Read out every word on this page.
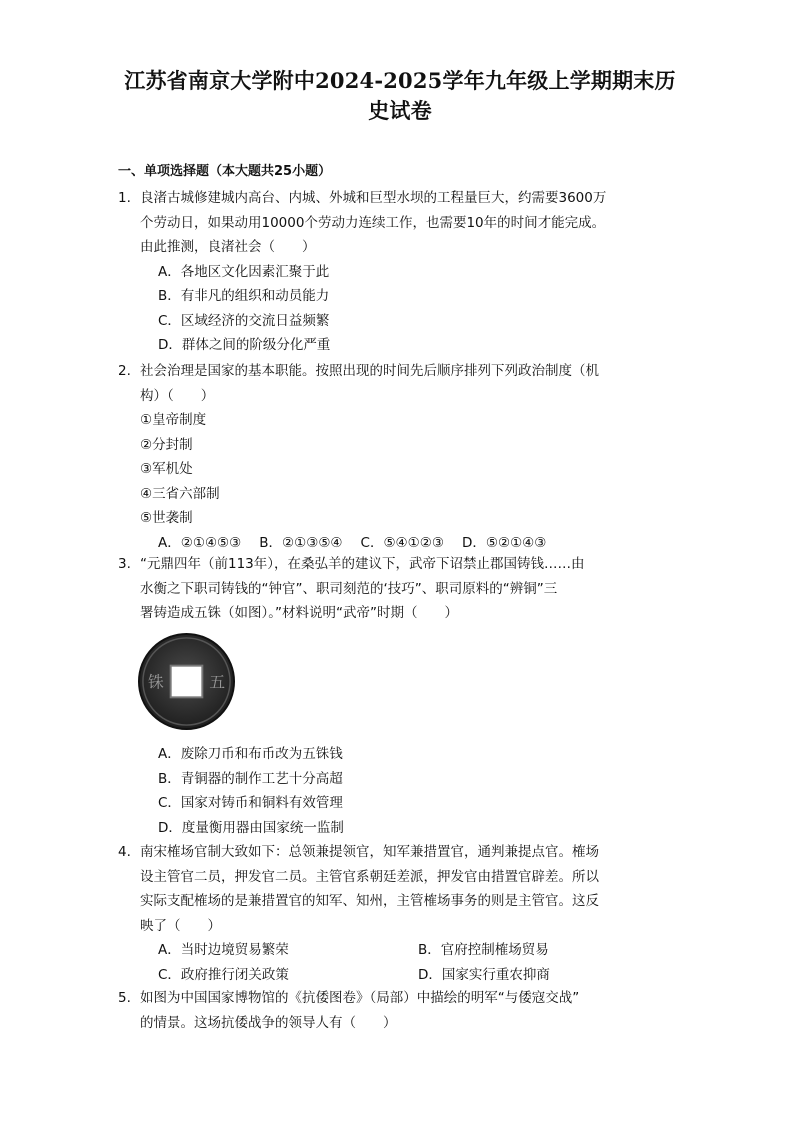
江苏省南京大学附中2024-2025学年九年级上学期期末历
史试卷
一、单项选择题（本大题共25小题）
1. 良渚古城修建城内高台、内城、外城和巨型水坝的工程量巨大，约需要3600万
个劳动日，如果动用10000个劳动力连续工作，也需要10年的时间才能完成。
由此推测，良渚社会（　　）
A．各地区文化因素汇聚于此
B．有非凡的组织和动员能力
C．区域经济的交流日益频繁
D．群体之间的阶级分化严重
2. 社会治理是国家的基本职能。按照出现的时间先后顺序排列下列政治制度（机
构）（　　）
①皇帝制度
②分封制
③军机处
④三省六部制
⑤世袭制
A．②①④⑤③ B．②①③⑤④ C．⑤④①②③ D．⑤②①④③
3. “元鼎四年（前113年），在桑弘羊的建议下，武帝下诏禁止郡国铸钱……由
水衡之下职司铸钱的“钟官”、职司刻范的‘技巧”、职司原料的“辨铜”三
署铸造成五铢（如图）。”材料说明“武帝”时期（　　）
铢	五
A．废除刀币和布币改为五铢钱
B．青铜器的制作工艺十分高超
C．国家对铸币和铜料有效管理
D．度量衡用器由国家统一监制
4. 南宋榷场官制大致如下：总领兼提领官，知军兼措置官，通判兼提点官。榷场
设主管官二员，押发官二员。主管官系朝廷差派，押发官由措置官辟差。所以
实际支配榷场的是兼措置官的知军、知州，主管榷场事务的则是主管官。这反
映了（　　）
A．当时边境贸易繁荣	B．官府控制榷场贸易
C．政府推行闭关政策	D．国家实行重农抑商
5. 如图为中国国家博物馆的《抗倭图卷》（局部）中描绘的明军“与倭寇交战”
的情景。这场抗倭战争的领导人有（　　）
